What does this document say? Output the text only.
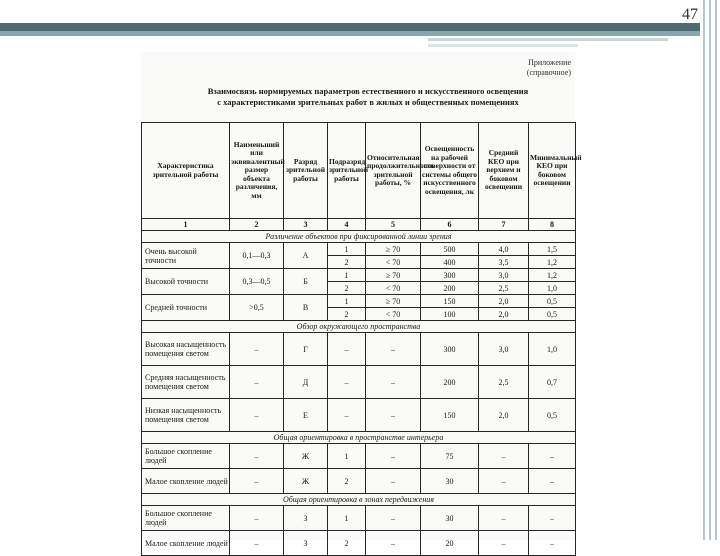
47
Приложение
(справочное)
Взаимосвязь нормируемых параметров естественного и искусственного освещения
с характеристиками зрительных работ в жилых и общественных помещениях
Характеристика зрительной работы	Наименьший или эквивалентный размер объекта различения, мм	Разряд зрительной работы	Подразряд зрительной работы	Относительная продолжительность зрительной работы, %	Освещенность на рабочей поверхности от системы общего искусственного освещения, лк	Средний КЕО при верхнем и боковом освещении	Минимальный КЕО при боковом освещении
1	2	3	4	5	6	7	8
Различение объектов при фиксированной линии зрения							
Очень высокой точности	0,1—0,3	А	1	≥ 70	500	4,0	1,5
			2	< 70	400	3,5	1,2
Высокой точности	0,3—0,5	Б	1	≥ 70	300	3,0	1,2
			2	< 70	200	2,5	1,0
Средней точности	>0,5	В	1	≥ 70	150	2,0	0,5
			2	< 70	100	2,0	0,5
Обзор окружающего пространства							
Высокая насыщенность помещения светом	–	Г	–	–	300	3,0	1,0
Средняя насыщенность помещения светом	–	Д	–	–	200	2,5	0,7
Низкая насыщенность помещения светом	–	Е	–	–	150	2,0	0,5
Общая ориентировка в пространстве интерьера							
Большое скопление людей	–	Ж	1	–	75	–	–
Малое скопление людей	–	Ж	2	–	30	–	–
Общая ориентировка в зонах передвижения							
Большое скопление людей	–	З	1	–	30	–	–
Малое скопление людей	–	З	2	–	20	–	–
